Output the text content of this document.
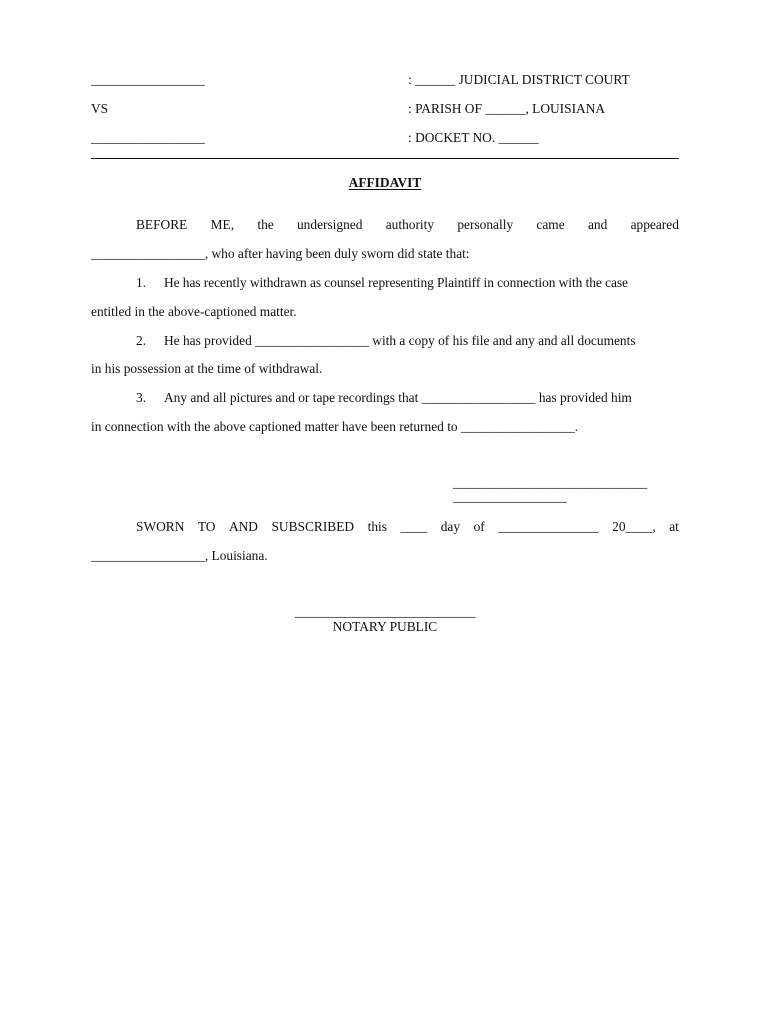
_________________	: ______ JUDICIAL DISTRICT COURT
VS	: PARISH OF ______, LOUISIANA
_________________	: DOCKET NO. ______
AFFIDAVIT
BEFORE ME, the undersigned authority personally came and appeared
_________________, who after having been duly sworn did state that:
1. He has recently withdrawn as counsel representing Plaintiff in connection with the case
entitled in the above-captioned matter.
2. He has provided _________________ with a copy of his file and any and all documents
in his possession at the time of withdrawal.
3. Any and all pictures and or tape recordings that _________________ has provided him
in connection with the above captioned matter have been returned to _________________.
_____________________________
_________________
SWORN TO AND SUBSCRIBED this ____ day of _______________ 20____, at
_________________, Louisiana.
___________________________
NOTARY PUBLIC
